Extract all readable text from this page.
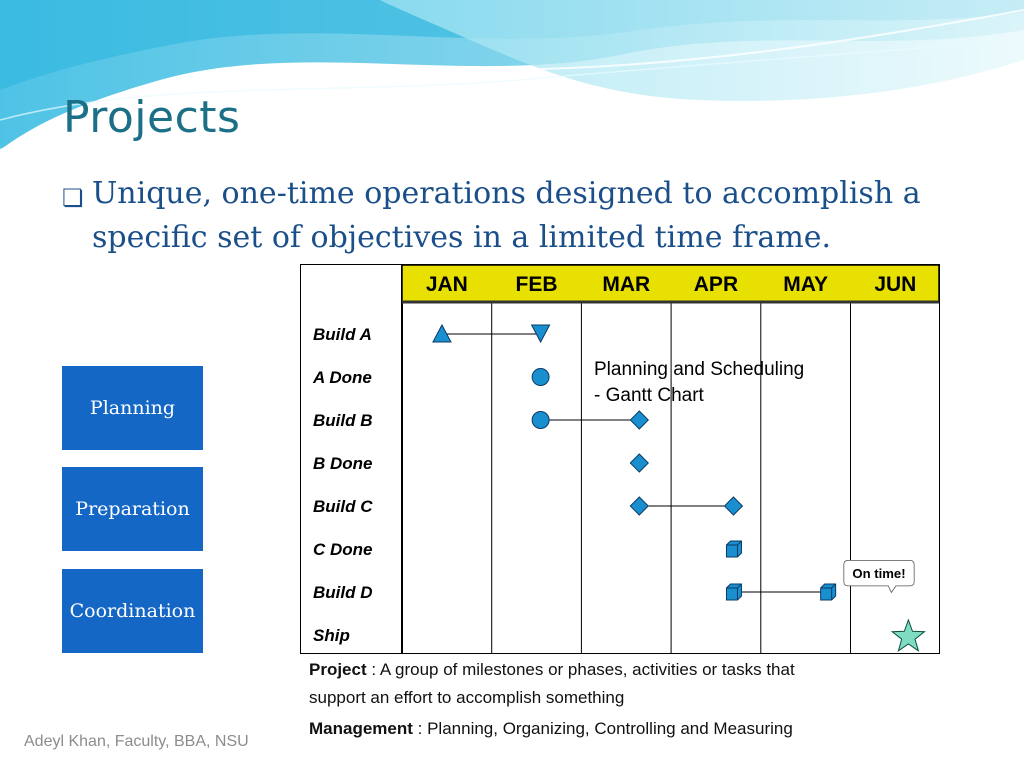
Projects
❏ Unique, one-time operations designed to accomplish a specific set of objectives in a limited time frame.
Planning
Preparation
Coordination
JAN FEB MAR APR MAY JUN
Build A
A Done
Build B
B Done
Build C
C Done
Build D
Ship
Planning and Scheduling
- Gantt Chart
On time!
Project : A group of milestones or phases, activities or tasks that
support an effort to accomplish something
Management : Planning, Organizing, Controlling and Measuring
Adeyl Khan, Faculty, BBA, NSU
